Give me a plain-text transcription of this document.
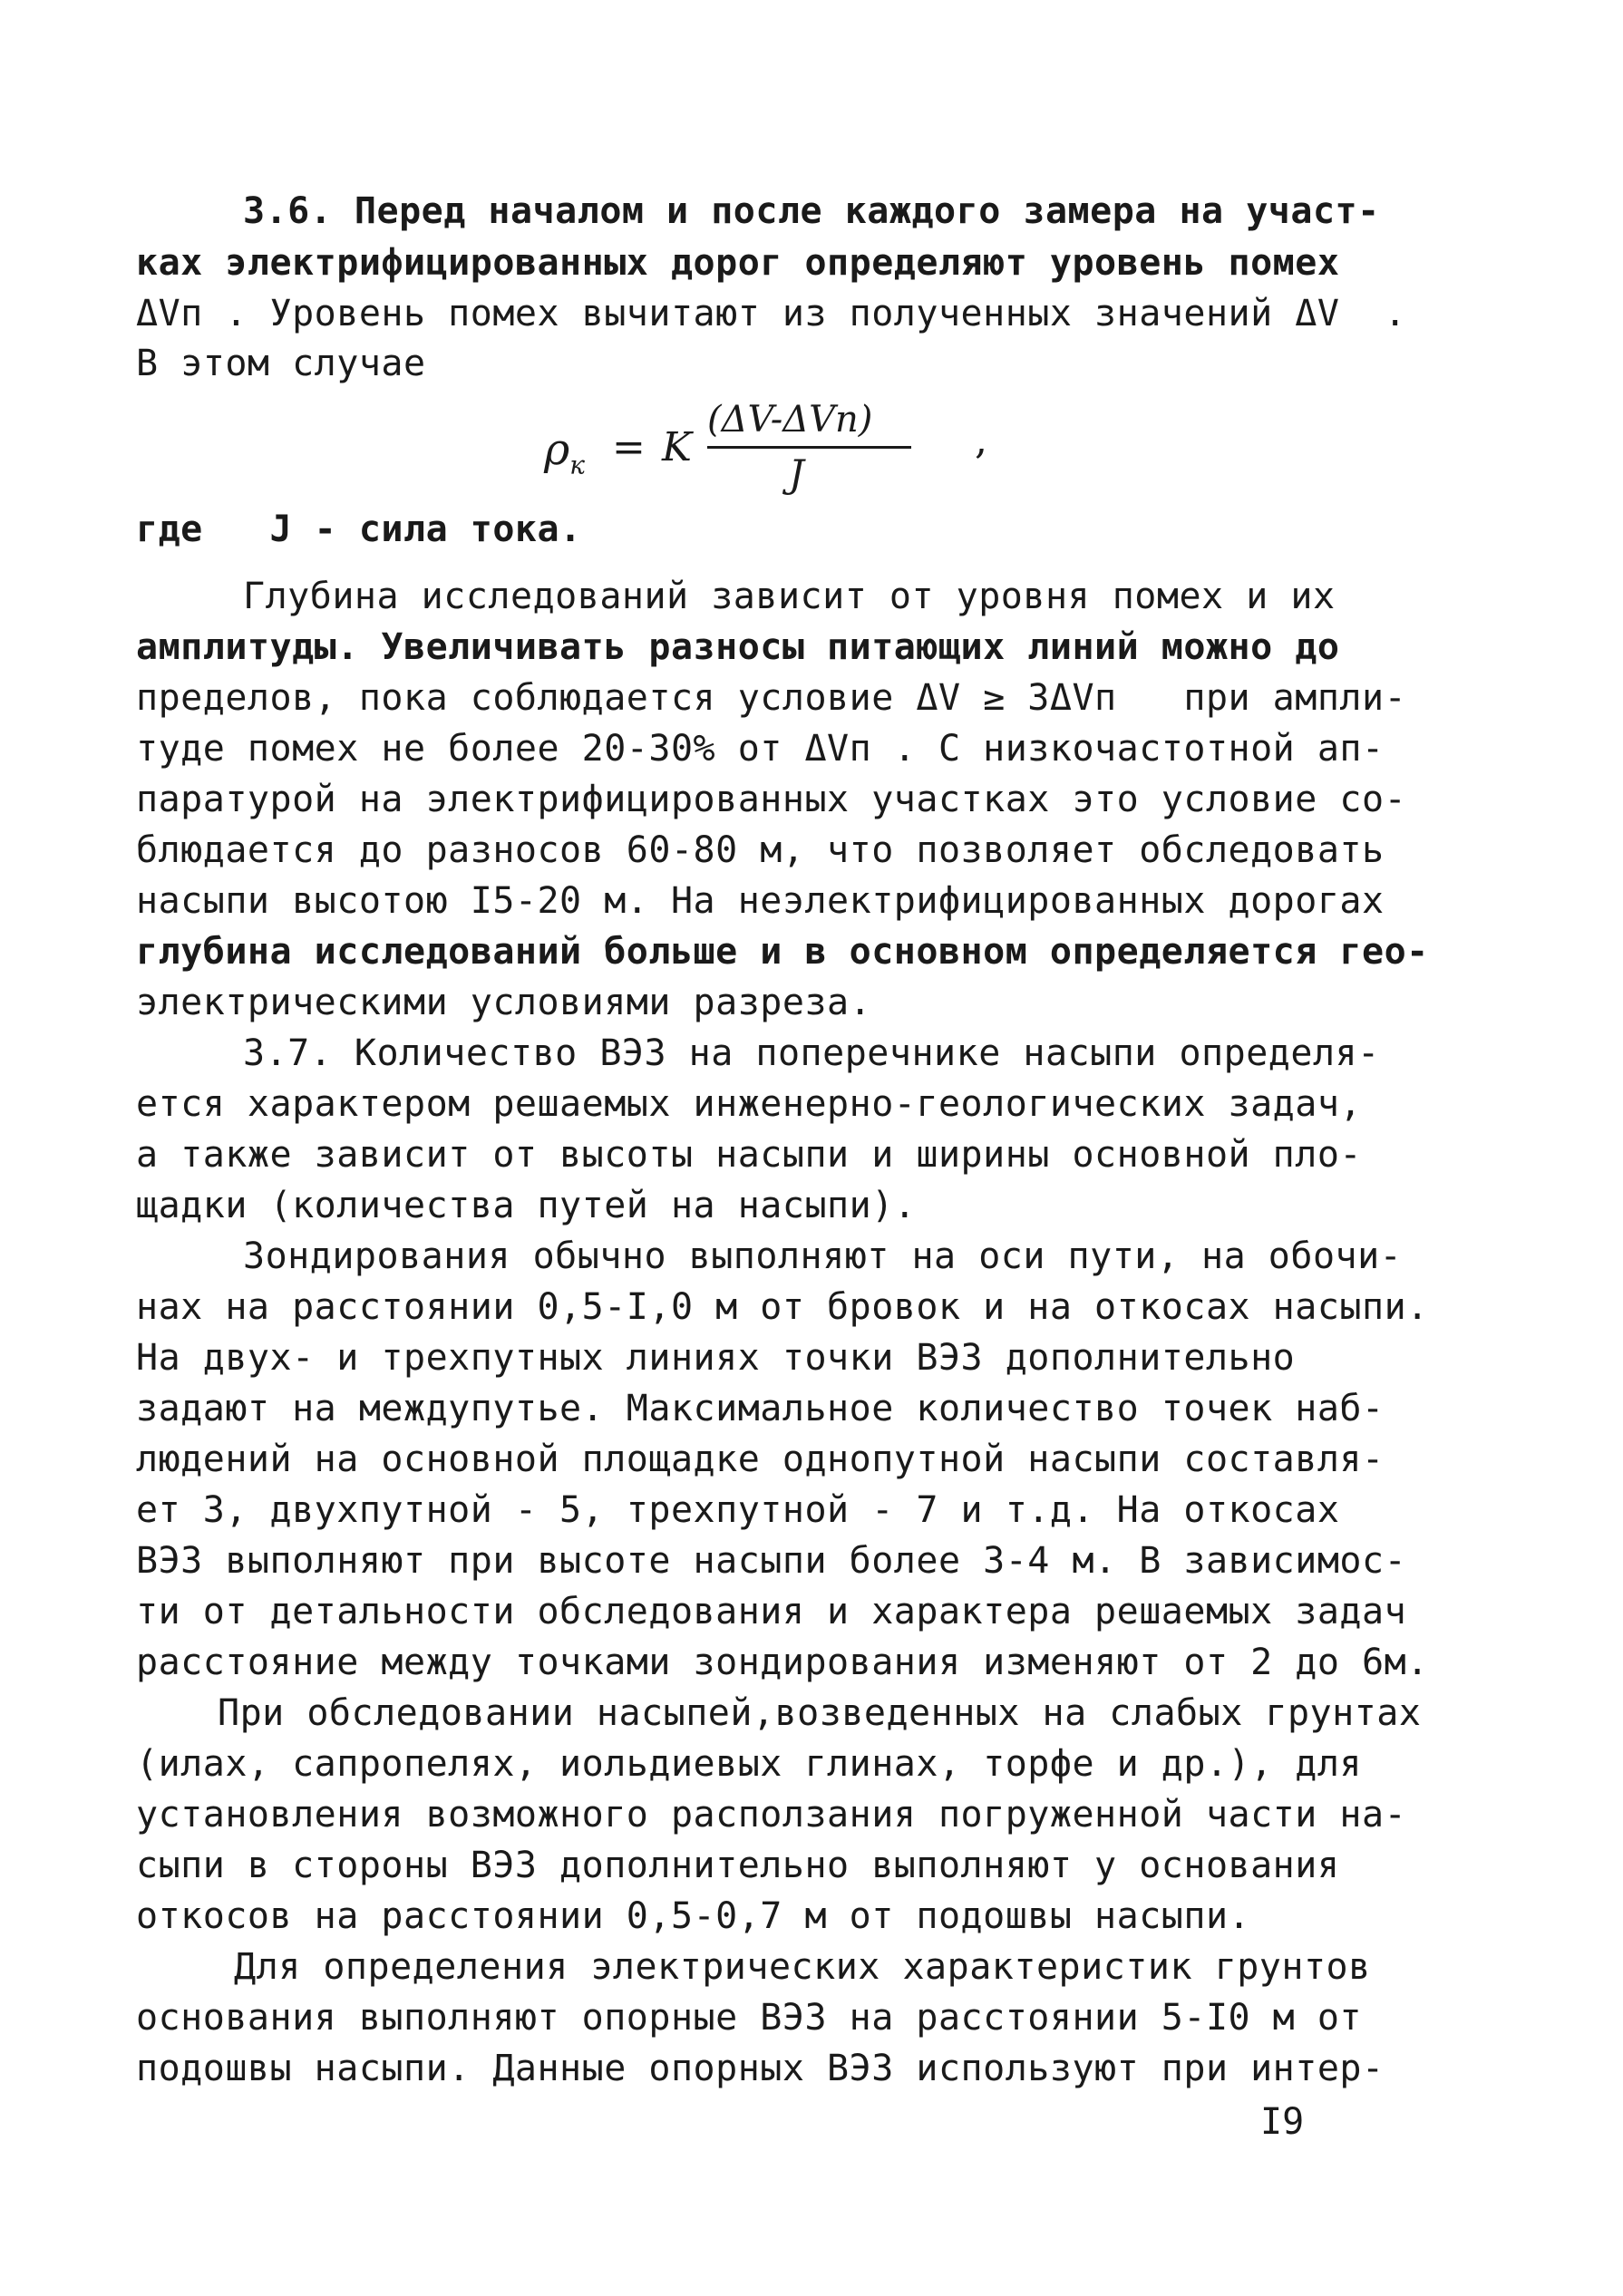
3.6. Перед началом и после каждого замера на участ-
ках электрифицированных дорог определяют уровень помех
ΔVп . Уровень помех вычитают из полученных значений ΔV  .
В этом случае
$\rho_к = K$
(ΔV-ΔVп)
J
,
где   J - сила тока.
Глубина исследований зависит от уровня помех и их
амплитуды. Увеличивать разносы питающих линий можно до
пределов, пока соблюдается условие ΔV ≥ 3ΔVп   при ампли-
туде помех не более 20-30% от ΔVп . С низкочастотной ап-
паратурой на электрифицированных участках это условие со-
блюдается до разносов 60-80 м, что позволяет обследовать
насыпи высотою I5-20 м. На неэлектрифицированных дорогах
глубина исследований больше и в основном определяется гео-
электрическими условиями разреза.
3.7. Количество ВЭЗ на поперечнике насыпи определя-
ется характером решаемых инженерно-геологических задач,
а также зависит от высоты насыпи и ширины основной пло-
щадки (количества путей на насыпи).
Зондирования обычно выполняют на оси пути, на обочи-
нах на расстоянии 0,5-I,0 м от бровок и на откосах насыпи.
На двух- и трехпутных линиях точки ВЭЗ дополнительно
задают на междупутье. Максимальное количество точек наб-
людений на основной площадке однопутной насыпи составля-
ет 3, двухпутной - 5, трехпутной - 7 и т.д. На откосах
ВЭЗ выполняют при высоте насыпи более 3-4 м. В зависимос-
ти от детальности обследования и характера решаемых задач
расстояние между точками зондирования изменяют от 2 до 6м.
При обследовании насыпей,возведенных на слабых грунтах
(илах, сапропелях, иольдиевых глинах, торфе и др.), для
установления возможного расползания погруженной части на-
сыпи в стороны ВЭЗ дополнительно выполняют у основания
откосов на расстоянии 0,5-0,7 м от подошвы насыпи.
Для определения электрических характеристик грунтов
основания выполняют опорные ВЭЗ на расстоянии 5-I0 м от
подошвы насыпи. Данные опорных ВЭЗ используют при интер-
I9
